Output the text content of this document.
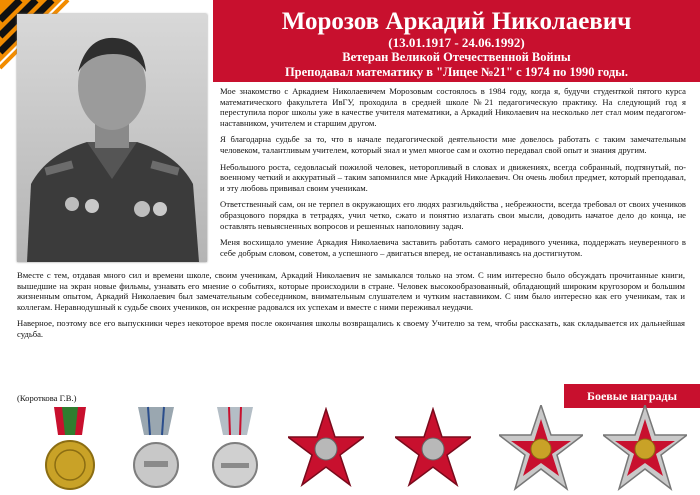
Морозов Аркадий Николаевич
(13.01.1917 - 24.06.1992)
Ветеран Великой Отечественной Войны
Преподавал математику в "Лицее №21" с 1974 по 1990 годы.

Мое знакомство с Аркадием Николаевичем Морозовым состоялось в 1984 году, когда я, будучи студенткой пятого курса математического факультета ИвГУ, проходила в средней школе №21 педагогическую практику. На следующий год я переступила порог школы уже в качестве учителя математики, а Аркадий Николаевич на несколько лет стал моим педагогом-наставником, учителем и старшим другом.

Я благодарна судьбе за то, что в начале педагогической деятельности мне довелось работать с таким замечательным человеком, талантливым учителем, который знал и умел многое сам и охотно передавал свой опыт и знания другим.

Небольшого роста, седовласый пожилой человек, неторопливый в словах и движениях, всегда собранный, подтянутый, по-военному четкий и аккуратный – таким запомнился мне Аркадий Николаевич. Он очень любил предмет, который преподавал, и эту любовь прививал своим ученикам.

Ответственный сам, он не терпел в окружающих его людях разгильдяйства , небрежности, всегда требовал от своих учеников образцового порядка в тетрадях, учил четко, сжато и понятно излагать свои мысли, доводить начатое дело до конца, не оставлять невыясненных вопросов и решенных наполовину задач.

Меня восхищало умение Аркадия Николаевича заставить работать самого нерадивого ученика, поддержать неуверенного в себе добрым словом, советом, а успешного – двигаться вперед, не останавливаясь на достигнутом.

Вместе с тем, отдавая много сил и времени школе, своим ученикам, Аркадий Николаевич не замыкался только на этом. С ним интересно было обсуждать прочитанные книги, вышедшие на экран новые фильмы, узнавать его мнение о событиях, которые происходили в стране. Человек высокообразованный, обладающий широким кругозором и большим жизненным опытом, Аркадий Николаевич был замечательным собеседником, внимательным слушателем и чутким наставником. С ним было интересно как его ученикам, так и коллегам. Неравнодушный к судьбе своих учеников, он искренне радовался их успехам и вместе с ними переживал неудачи.

Наверное, поэтому все его выпускники через некоторое время после окончания школы возвращались к своему Учителю за тем, чтобы рассказать, как складывается их дальнейшая судьба.

(Короткова Г.В.)	Боевые награды
